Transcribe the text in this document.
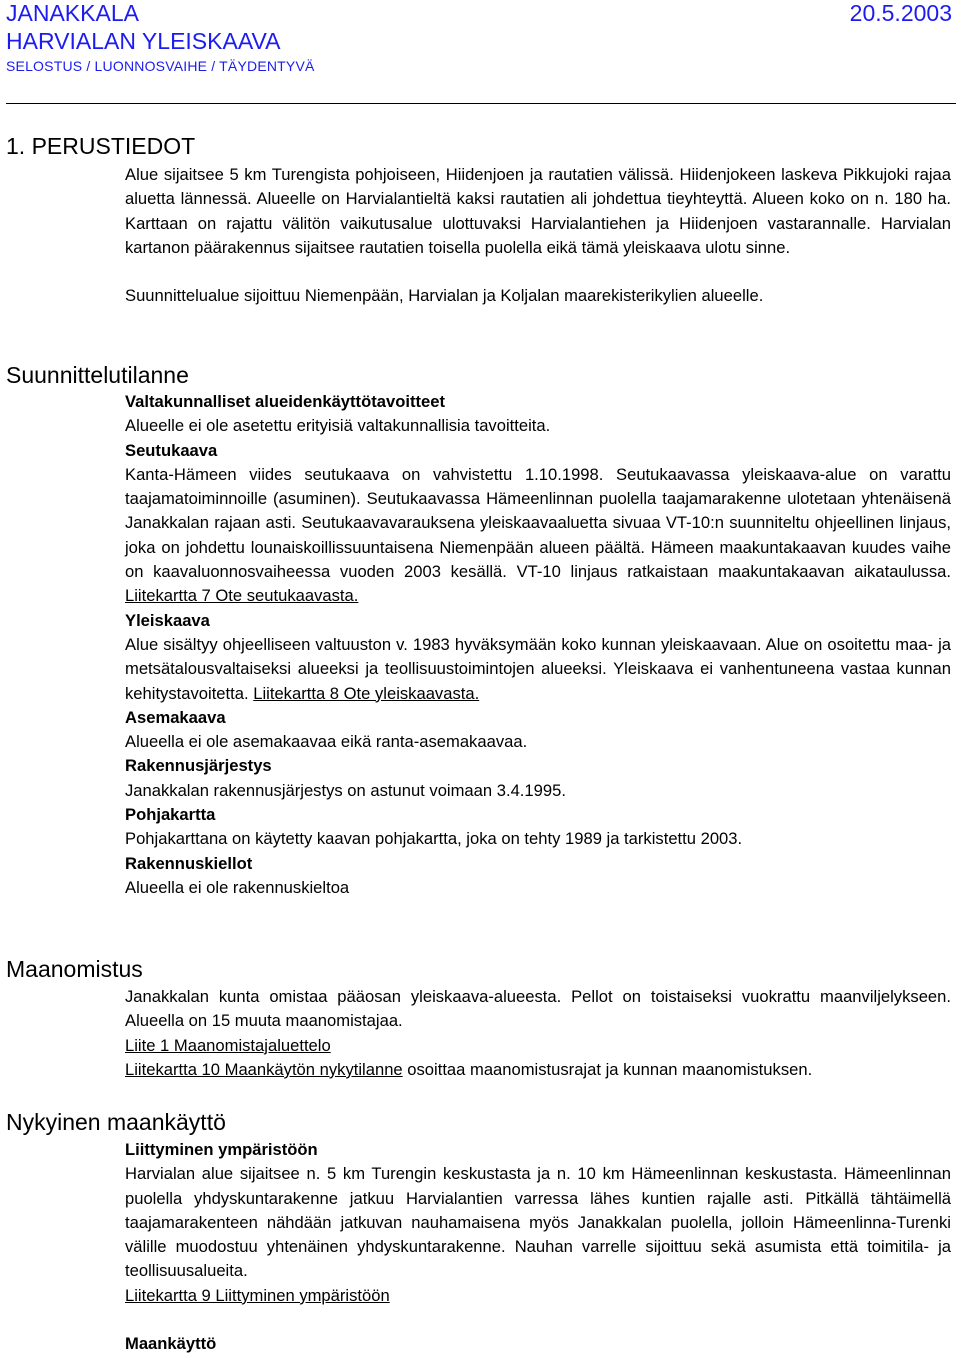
JANAKKALA	20.5.2003
HARVIALAN YLEISKAAVA
SELOSTUS / LUONNOSVAIHE / TÄYDENTYVÄ
1. PERUSTIEDOT

Alue sijaitsee 5 km Turengista pohjoiseen, Hiidenjoen ja rautatien välissä. Hiidenjokeen laskeva Pikkujoki rajaa aluetta lännessä. Alueelle on Harvialantieltä kaksi rautatien ali johdettua tieyhteyttä. Alueen koko on n. 180 ha. Karttaan on rajattu välitön vaikutusalue ulottuvaksi Harvialantiehen ja Hiidenjoen vastarannalle. Harvialan kartanon päärakennus sijaitsee rautatien toisella puolella eikä tämä yleiskaava ulotu sinne.

Suunnittelualue sijoittuu Niemenpään, Harvialan ja Koljalan maarekisterikylien alueelle.

Suunnittelutilanne

Valtakunnalliset alueidenkäyttötavoitteet

Alueelle ei ole asetettu erityisiä valtakunnallisia tavoitteita.

Seutukaava

Kanta-Hämeen viides seutukaava on vahvistettu 1.10.1998. Seutukaavassa yleiskaava-alue on varattu taajamatoiminnoille (asuminen). Seutukaavassa Hämeenlinnan puolella taajamarakenne ulotetaan yhtenäisenä Janakkalan rajaan asti. Seutukaavavarauksena yleiskaavaaluetta sivuaa VT-10:n suunniteltu ohjeellinen linjaus, joka on johdettu lounaiskoillissuuntaisena Niemenpään alueen päältä. Hämeen maakuntakaavan kuudes vaihe on kaavaluonnosvaiheessa vuoden 2003 kesällä. VT-10 linjaus ratkaistaan maakuntakaavan aikataulussa. Liitekartta 7 Ote seutukaavasta.

Yleiskaava

Alue sisältyy ohjeelliseen valtuuston v. 1983 hyväksymään koko kunnan yleiskaavaan. Alue on osoitettu maa- ja metsätalousvaltaiseksi alueeksi ja teollisuustoimintojen alueeksi. Yleiskaava ei vanhentuneena vastaa kunnan kehitystavoitetta. Liitekartta 8 Ote yleiskaavasta.

Asemakaava

Alueella ei ole asemakaavaa eikä ranta-asemakaavaa.

Rakennusjärjestys

Janakkalan rakennusjärjestys on astunut voimaan 3.4.1995.

Pohjakartta

Pohjakarttana on käytetty kaavan pohjakartta, joka on tehty 1989 ja tarkistettu 2003.

Rakennuskiellot

Alueella ei ole rakennuskieltoa

Maanomistus

Janakkalan kunta omistaa pääosan yleiskaava-alueesta. Pellot on toistaiseksi vuokrattu maanviljelykseen. Alueella on 15 muuta maanomistajaa.

Liite 1 Maanomistajaluettelo

Liitekartta 10 Maankäytön nykytilanne osoittaa maanomistusrajat ja kunnan maanomistuksen.

Nykyinen maankäyttö

Liittyminen ympäristöön

Harvialan alue sijaitsee n. 5 km Turengin keskustasta ja n. 10 km Hämeenlinnan keskustasta. Hämeenlinnan puolella yhdyskuntarakenne jatkuu Harvialantien varressa lähes kuntien rajalle asti. Pitkällä tähtäimellä taajamarakenteen nähdään jatkuvan nauhamaisena myös Janakkalan puolella, jolloin Hämeenlinna-Turenki välille muodostuu yhtenäinen yhdyskuntarakenne. Nauhan varrelle sijoittuu sekä asumista että toimitila- ja teollisuusalueita.

Liitekartta 9 Liittyminen ympäristöön

Maankäyttö
